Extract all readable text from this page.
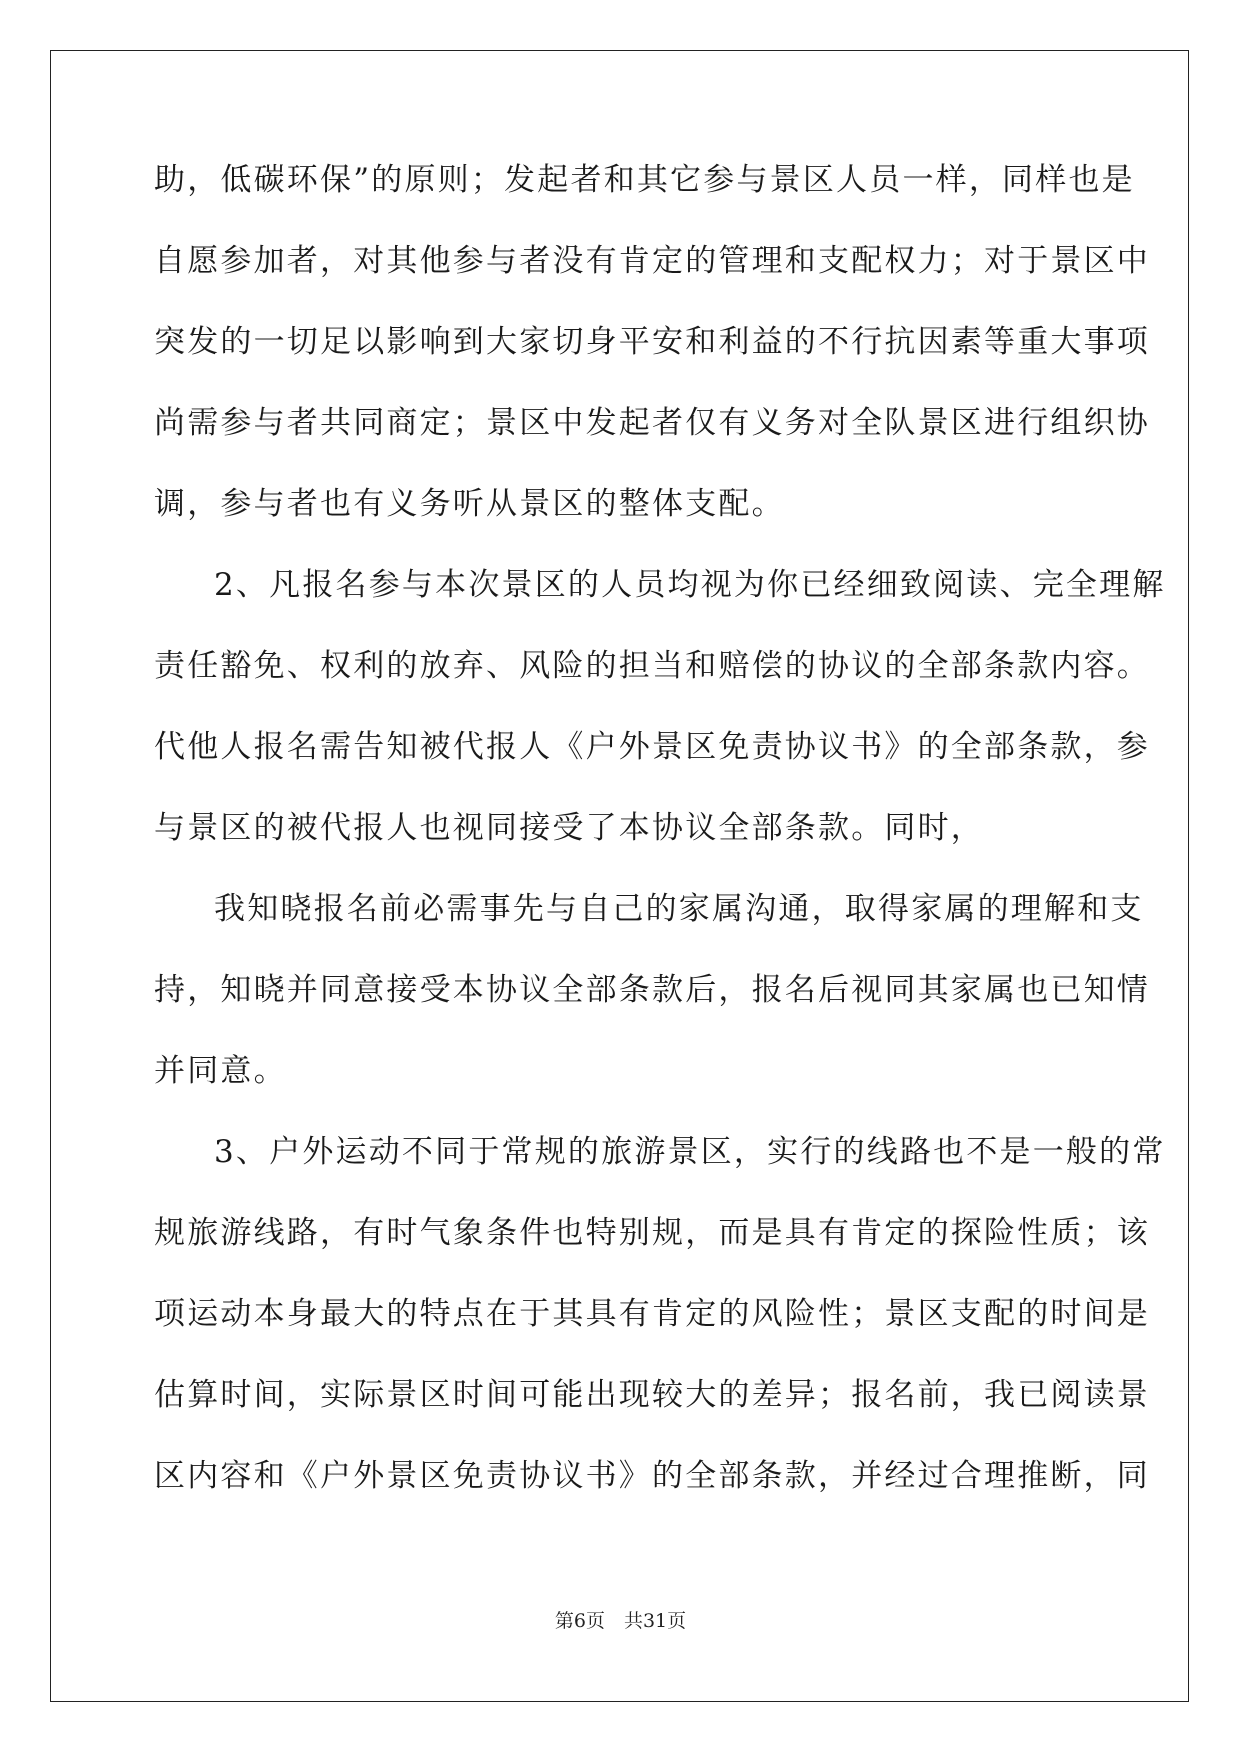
助，低碳环保”的原则；发起者和其它参与景区人员一样，同样也是
自愿参加者，对其他参与者没有肯定的管理和支配权力；对于景区中
突发的一切足以影响到大家切身平安和利益的不行抗因素等重大事项
尚需参与者共同商定；景区中发起者仅有义务对全队景区进行组织协
调，参与者也有义务听从景区的整体支配。
2、凡报名参与本次景区的人员均视为你已经细致阅读、完全理解
责任豁免、权利的放弃、风险的担当和赔偿的协议的全部条款内容。
代他人报名需告知被代报人《户外景区免责协议书》的全部条款，参
与景区的被代报人也视同接受了本协议全部条款。同时，
我知晓报名前必需事先与自己的家属沟通，取得家属的理解和支
持，知晓并同意接受本协议全部条款后，报名后视同其家属也已知情
并同意。
3、户外运动不同于常规的旅游景区，实行的线路也不是一般的常
规旅游线路，有时气象条件也特别规，而是具有肯定的探险性质；该
项运动本身最大的特点在于其具有肯定的风险性；景区支配的时间是
估算时间，实际景区时间可能出现较大的差异；报名前，我已阅读景
区内容和《户外景区免责协议书》的全部条款，并经过合理推断，同
第6页　共31页
